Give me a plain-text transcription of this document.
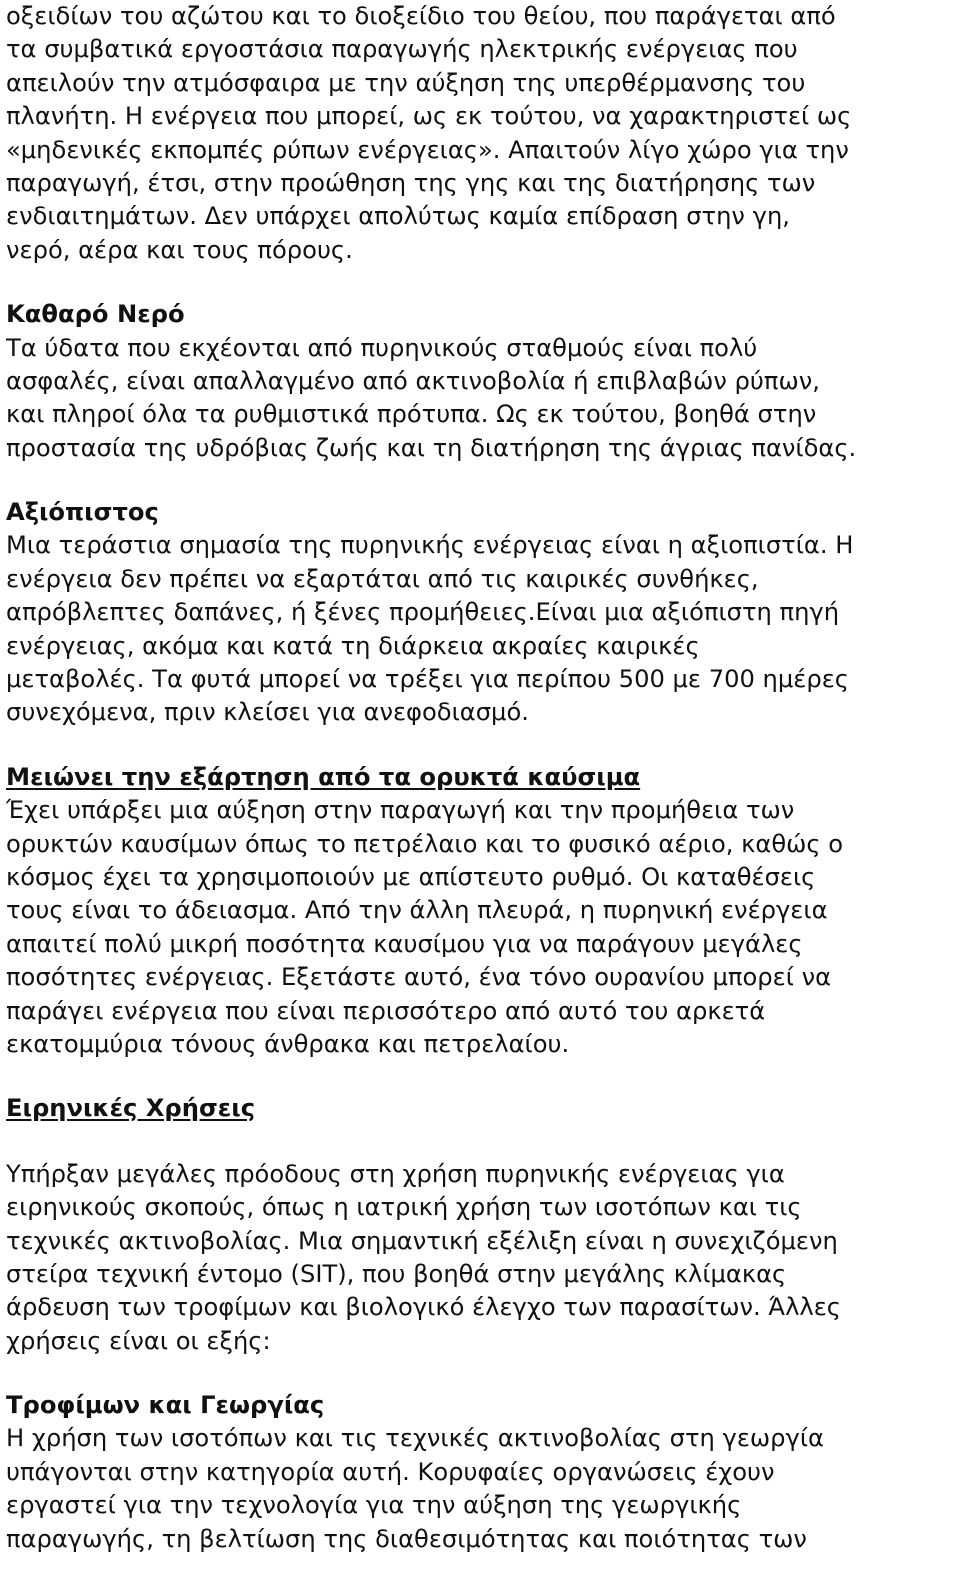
οξειδίων του αζώτου και το διοξείδιο του θείου, που παράγεται από
τα συμβατικά εργοστάσια παραγωγής ηλεκτρικής ενέργειας που
απειλούν την ατμόσφαιρα με την αύξηση της υπερθέρμανσης του
πλανήτη. Η ενέργεια που μπορεί, ως εκ τούτου, να χαρακτηριστεί ως
«μηδενικές εκπομπές ρύπων ενέργειας». Απαιτούν λίγο χώρο για την
παραγωγή, έτσι, στην προώθηση της γης και της διατήρησης των
ενδιαιτημάτων. Δεν υπάρχει απολύτως καμία επίδραση στην γη,
νερό, αέρα και τους πόρους.
Καθαρό Νερό
Τα ύδατα που εκχέονται από πυρηνικούς σταθμούς είναι πολύ
ασφαλές, είναι απαλλαγμένο από ακτινοβολία ή επιβλαβών ρύπων,
και πληροί όλα τα ρυθμιστικά πρότυπα. Ως εκ τούτου, βοηθά στην
προστασία της υδρόβιας ζωής και τη διατήρηση της άγριας πανίδας.
Αξιόπιστος
Μια τεράστια σημασία της πυρηνικής ενέργειας είναι η αξιοπιστία. Η
ενέργεια δεν πρέπει να εξαρτάται από τις καιρικές συνθήκες,
απρόβλεπτες δαπάνες, ή ξένες προμήθειες.Είναι μια αξιόπιστη πηγή
ενέργειας, ακόμα και κατά τη διάρκεια ακραίες καιρικές
μεταβολές. Τα φυτά μπορεί να τρέξει για περίπου 500 με 700 ημέρες
συνεχόμενα, πριν κλείσει για ανεφοδιασμό.
Μειώνει την εξάρτηση από τα ορυκτά καύσιμα
Έχει υπάρξει μια αύξηση στην παραγωγή και την προμήθεια των
ορυκτών καυσίμων όπως το πετρέλαιο και το φυσικό αέριο, καθώς ο
κόσμος έχει τα χρησιμοποιούν με απίστευτο ρυθμό. Οι καταθέσεις
τους είναι το άδειασμα. Από την άλλη πλευρά, η πυρηνική ενέργεια
απαιτεί πολύ μικρή ποσότητα καυσίμου για να παράγουν μεγάλες
ποσότητες ενέργειας. Εξετάστε αυτό, ένα τόνο ουρανίου μπορεί να
παράγει ενέργεια που είναι περισσότερο από αυτό του αρκετά
εκατομμύρια τόνους άνθρακα και πετρελαίου.
Ειρηνικές Χρήσεις
Υπήρξαν μεγάλες πρόοδους στη χρήση πυρηνικής ενέργειας για
ειρηνικούς σκοπούς, όπως η ιατρική χρήση των ισοτόπων και τις
τεχνικές ακτινοβολίας. Μια σημαντική εξέλιξη είναι η συνεχιζόμενη
στείρα τεχνική έντομο (SIT), που βοηθά στην μεγάλης κλίμακας
άρδευση των τροφίμων και βιολογικό έλεγχο των παρασίτων. Άλλες
χρήσεις είναι οι εξής:
Τροφίμων και Γεωργίας
Η χρήση των ισοτόπων και τις τεχνικές ακτινοβολίας στη γεωργία
υπάγονται στην κατηγορία αυτή. Κορυφαίες οργανώσεις έχουν
εργαστεί για την τεχνολογία για την αύξηση της γεωργικής
παραγωγής, τη βελτίωση της διαθεσιμότητας και ποιότητας των
